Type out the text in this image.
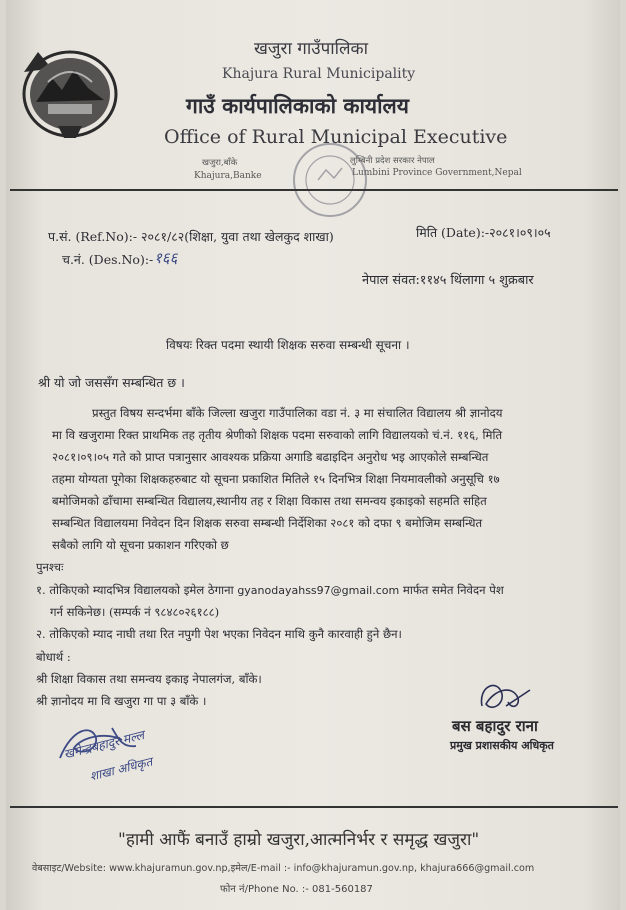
खजुरा गाउँपालिका
Khajura Rural Municipality
गाउँ कार्यपालिकाको कार्यालय
Office of Rural Municipal Executive
खजुरा,बाँके
Khajura,Banke
लुम्बिनी प्रदेश सरकार नेपाल
Lumbini Province Government,Nepal
प.सं. (Ref.No):- २०८१/८२(शिक्षा, युवा तथा खेलकुद शाखा)	मिति (Date):-२०८१।०९।०५
च.नं. (Des.No):- १६६
नेपाल संवत:११४५ थिंलागा ५ शुक्रबार
विषयः रिक्त पदमा स्थायी शिक्षक सरुवा सम्बन्धी सूचना ।
श्री यो जो जससँग सम्बन्धित छ ।
प्रस्तुत विषय सन्दर्भमा बाँके जिल्ला खजुरा गाउँपालिका वडा नं. ३ मा संचालित विद्यालय श्री ज्ञानोदय
मा वि खजुरामा रिक्त प्राथमिक तह तृतीय श्रेणीको शिक्षक पदमा सरुवाको लागि विद्यालयको चं.नं. ११६, मिति
२०८१।०९।०५ गते को प्राप्त पत्रानुसार आवश्यक प्रक्रिया अगाडि बढाइदिन अनुरोध भइ आएकोले सम्बन्धित
तहमा योग्यता पूगेका शिक्षकहरुबाट यो सूचना प्रकाशित मितिले १५ दिनभित्र शिक्षा नियमावलीको अनुसूचि १७
बमोजिमको ढाँचामा सम्बन्धित विद्यालय,स्थानीय तह र शिक्षा विकास तथा समन्वय इकाइको सहमति सहित
सम्बन्धित विद्यालयमा निवेदन दिन शिक्षक सरुवा सम्बन्धी निर्देशिका २०८१ को दफा ९ बमोजिम सम्बन्धित
सबैको लागि यो सूचना प्रकाशन गरिएको छ
पुनश्चः
१. तोकिएको म्यादभित्र विद्यालयको इमेल ठेगाना gyanodayahss97@gmail.com मार्फत समेत निवेदन पेश
गर्न सकिनेछ। (सम्पर्क नं ९८४८०२६१८८)
२. तोकिएको म्याद नाघी तथा रित नपुगी पेश भएका निवेदन माथि कुनै कारवाही हुने छैन।
बोधार्थ :
श्री शिक्षा विकास तथा समन्वय इकाइ नेपालगंज, बाँके।
श्री ज्ञानोदय मा वि खजुरा गा पा ३ बाँके ।
बस बहादुर राना
प्रमुख प्रशासकीय अधिकृत
खगेन्द्रबहादुर मल्ल
शाखा अधिकृत
"हामी आफैं बनाउँ हाम्रो खजुरा,आत्मनिर्भर र समृद्ध खजुरा"
वेबसाइट/Website: www.khajuramun.gov.np,इमेल/E-mail :- info@khajuramun.gov.np, khajura666@gmail.com
फोन नं/Phone No. :- 081-560187
